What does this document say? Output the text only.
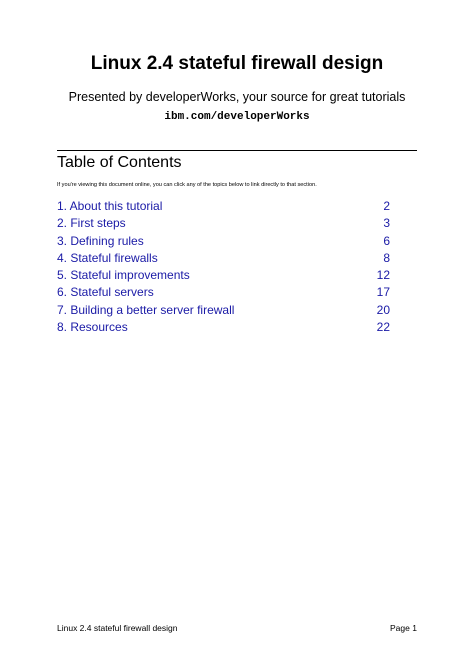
Linux 2.4 stateful firewall design
Presented by developerWorks, your source for great tutorials
ibm.com/developerWorks
Table of Contents
If you're viewing this document online, you can click any of the topics below to link directly to that section.
1. About this tutorial	2
2. First steps	3
3. Defining rules	6
4. Stateful firewalls	8
5. Stateful improvements	12
6. Stateful servers	17
7. Building a better server firewall	20
8. Resources	22
Linux 2.4 stateful firewall design	Page 1
